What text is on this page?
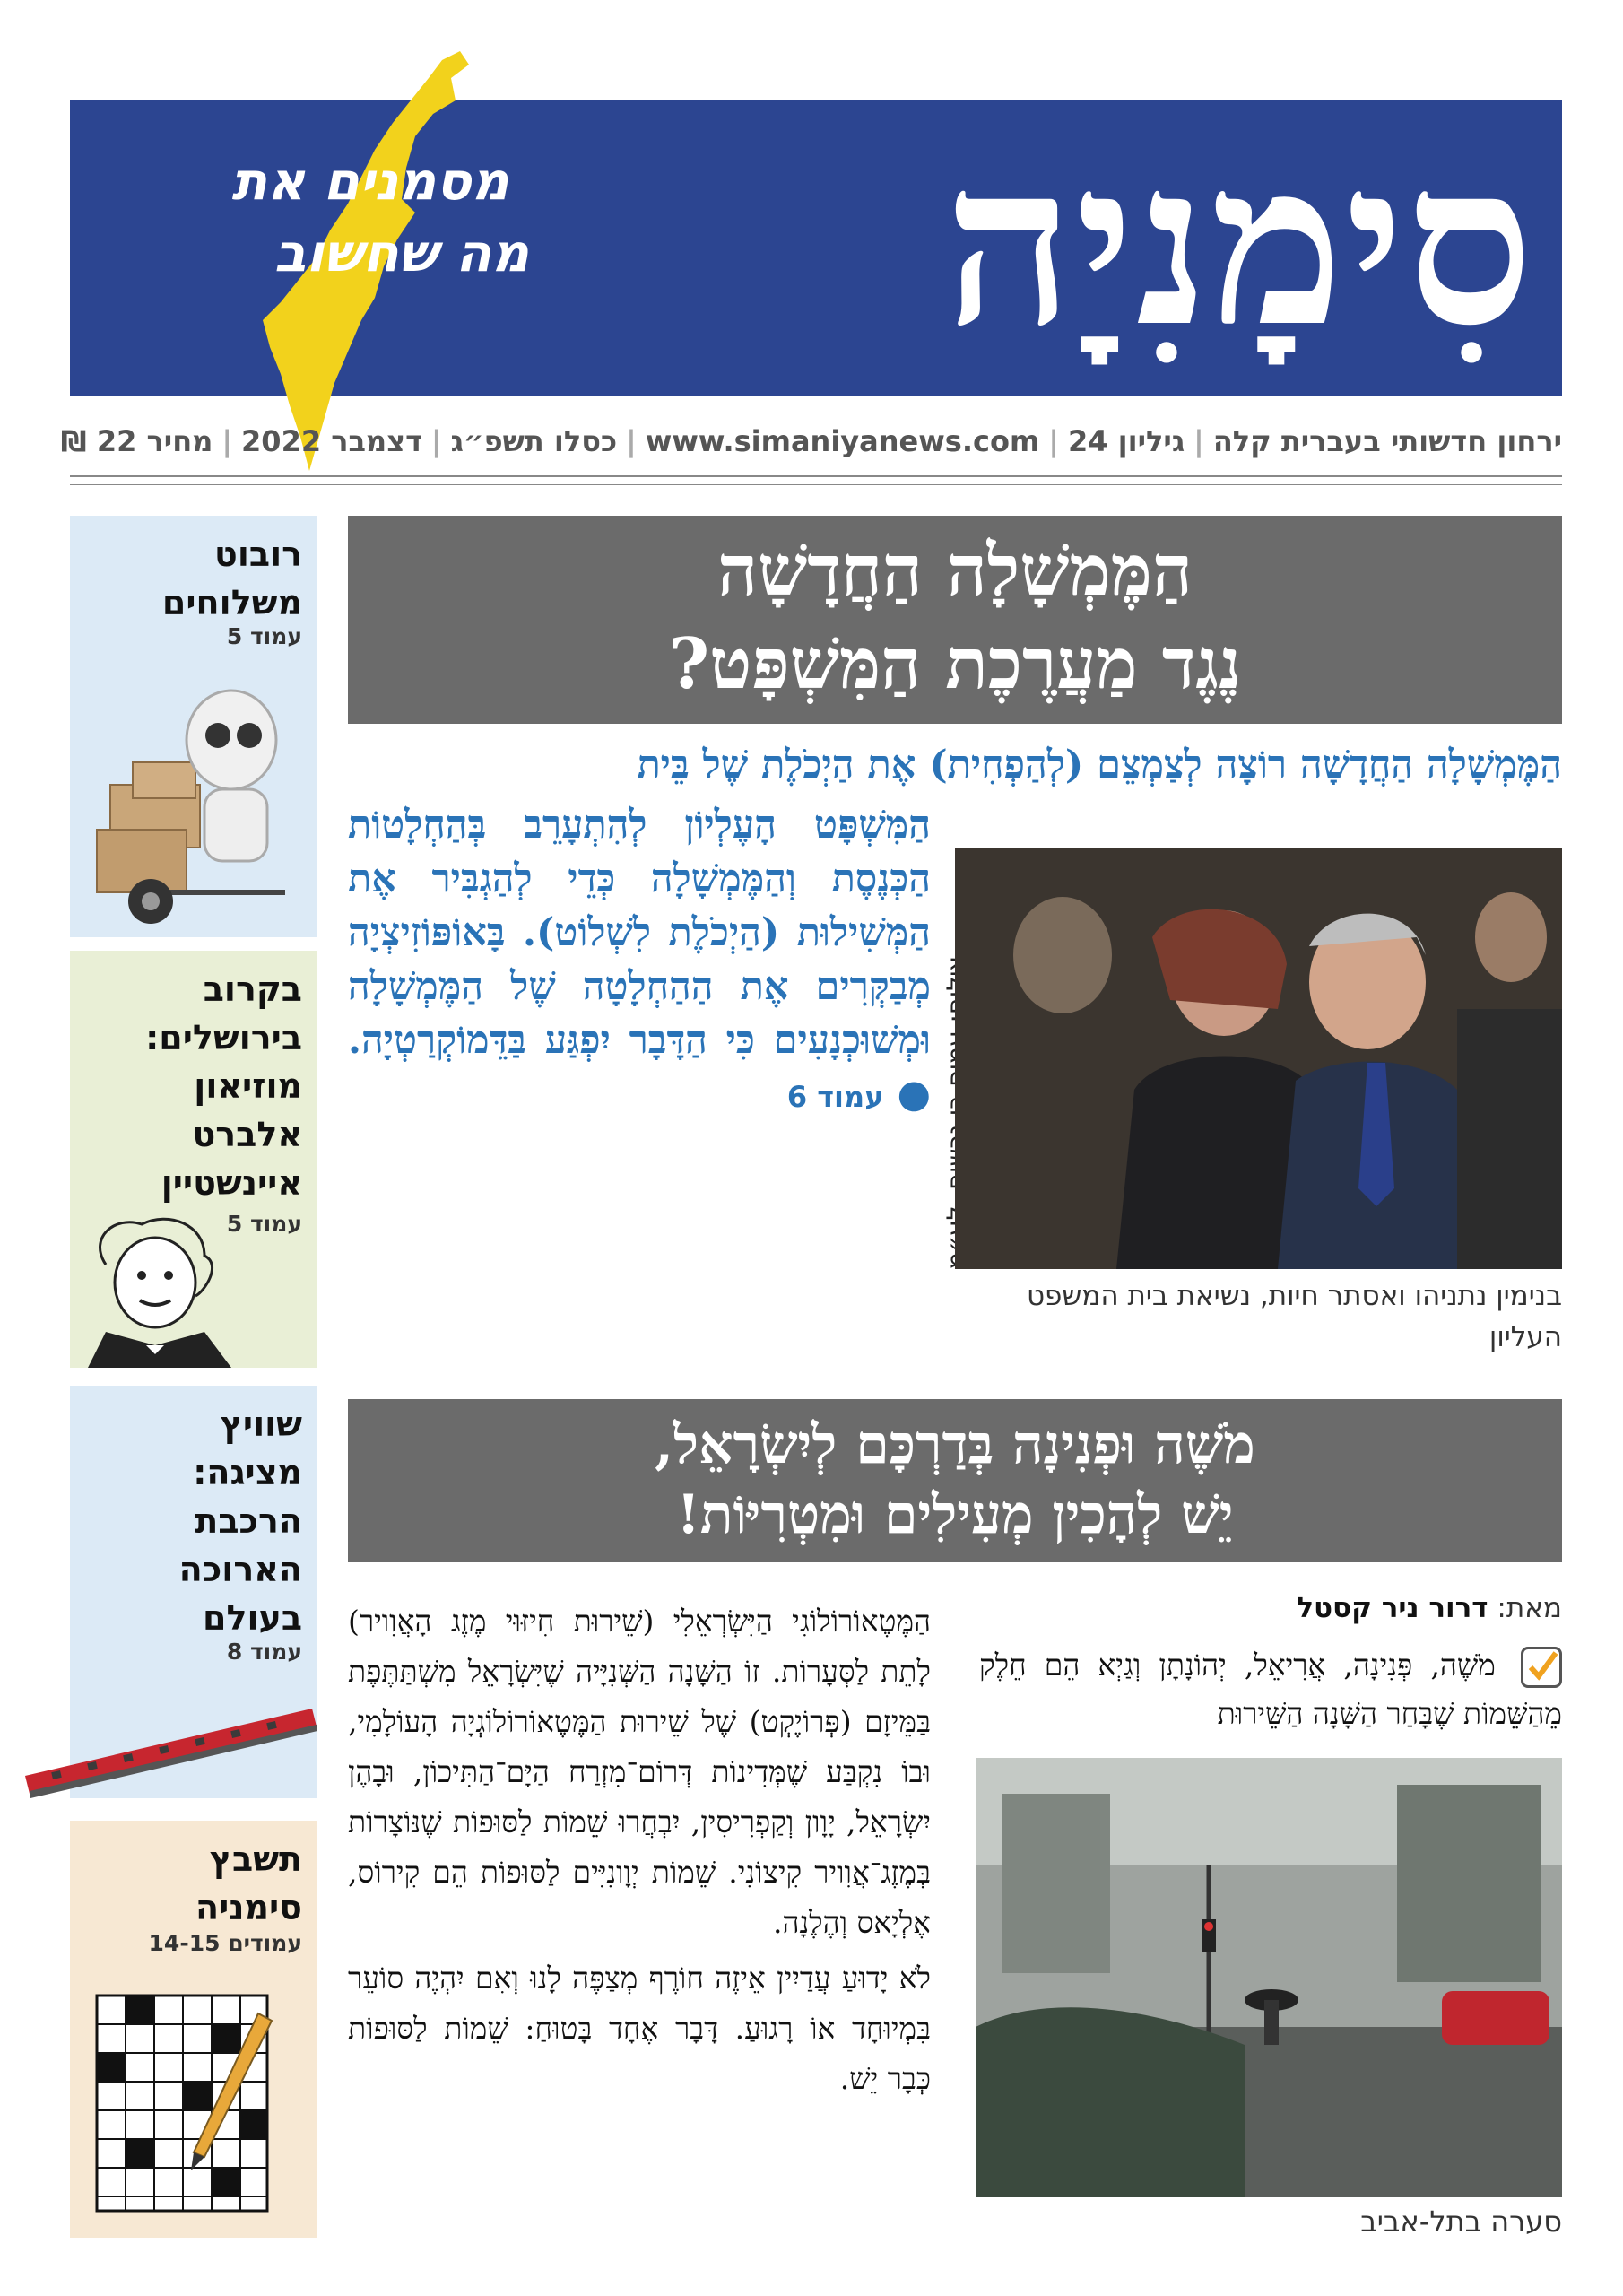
מסמנים את
מה שחשוב	סִימָנִיָה
ירחון חדשותי בעברית קלה|גיליון 24|www.simaniyanews.com|כסלו תשפ״ג|דצמבר 2022|מחיר 22 ₪
רובוט משלוחים
עמוד 5
בקרוב בירושלים: מוזיאון אלברט איינשטיין
עמוד 5
שוויץ מציגה: הרכבת הארוכה בעולם
עמוד 8
תשבץ סימניה
עמודים 14-15
הַמֶּמְשָׁלָה הַחֲדָשָׁה
נֶגֶד מַעֲרֶכֶת הַמִּשְׁפָּט?
הַמֶּמְשָׁלָה הַחֲדָשָׁה רוֹצָה לְצַמְצֵם (לְהַפְחִית) אֶת הַיְכֹלֶת שֶׁל בֵּית
הַמִּשְׁפָּט הָעֶלְיוֹן לְהִתְעָרֵב בְּהַחְלָטוֹת הַכְּנֶסֶת וְהַמֶּמְשָׁלָה כְּדֵי לְהַגְבִּיר אֶת הַמְּשִׁילוּת (הַיְכֹלֶת לִשְׁלוֹט). בָּאוֹפּוֹזִיצְיָה מְבַקְּרִים אֶת הַהַחְלָטָה שֶׁל הַמֶּמְשָׁלָה וּמְשׁוּכְנָעִים כִּי הַדָּבָר יִפְגַּע בַּדֵּמוֹקְרַטְיָה. ● עמוד 6
בנימין נתניהו ואסתר חיות, נשיאת בית המשפט העליון
מֹשֶׁה וּפְנִינָה בְּדַרְכָּם לְיִשְׂרָאֵל,
יֵשׁ לְהָכִין מְעִילִים וּמִטְרִיּוֹת!
מאת: דרור ניר קסטל
מֹשֶׁה, פְּנִינָה, אֲרִיאֵל, יְהוֹנָתָן וְגַיְא הֵם חֵלֶק מֵהַשֵּׁמוֹת שֶׁבָּחַר הַשָּׁנָה הַשֵּׁירוּת
סערה בתל-אביב

הַמֶּטֶאוֹרוֹלוֹגִי הַיִּשְׂרְאֵלִי (שֵׁירוּת חִיזּוּי מֶזֶג הָאֲוִויר) לָתֵת לַסְּעָרוֹת. זוֹ הַשָּׁנָה הַשְּׁנִיָּיה שֶׁיִּשְׂרָאֵל מִשְׁתַּתֶּפֶת בַּמֵּיזָם (פְּרוֹיֶקְט) שֶׁל שֵׁירוּת הַמֶּטֶאוֹרוֹלוֹגְיָה הָעוֹלָמִי, וּבוֹ נִקְבַּע שֶׁמְּדִינוֹת דְּרוֹם־מִזְרַח הַיָּם־הַתִּיכוֹן, וּבָהֶן יִשְׂרָאֵל, יָוָון וְקַפְרִיסִין, יִבְחֲרוּ שֵׁמוֹת לַסּוּפוֹת שֶׁנּוֹצָרוֹת בְּמֶזֶג־אֲוִויר קִיצוֹנִי. שֵׁמוֹת יְוָונִיִּים לַסּוּפוֹת הֵם קִירוֹס, אֶלְיָאס וְהֶלֶנָה.

לֹא יָדוּעַ עֲדַיִין אֵיזֶה חוֹרֶף מְצַפֶּה לָנוּ וְאִם יִהְיֶה סוֹעֵר בִּמְיוּחָד אוֹ רָגוּעַ. דָּבָר אֶחָד בָּטוּחַ: שֵׁמוֹת לַסּוּפוֹת כְּבָר יֵשׁ.
